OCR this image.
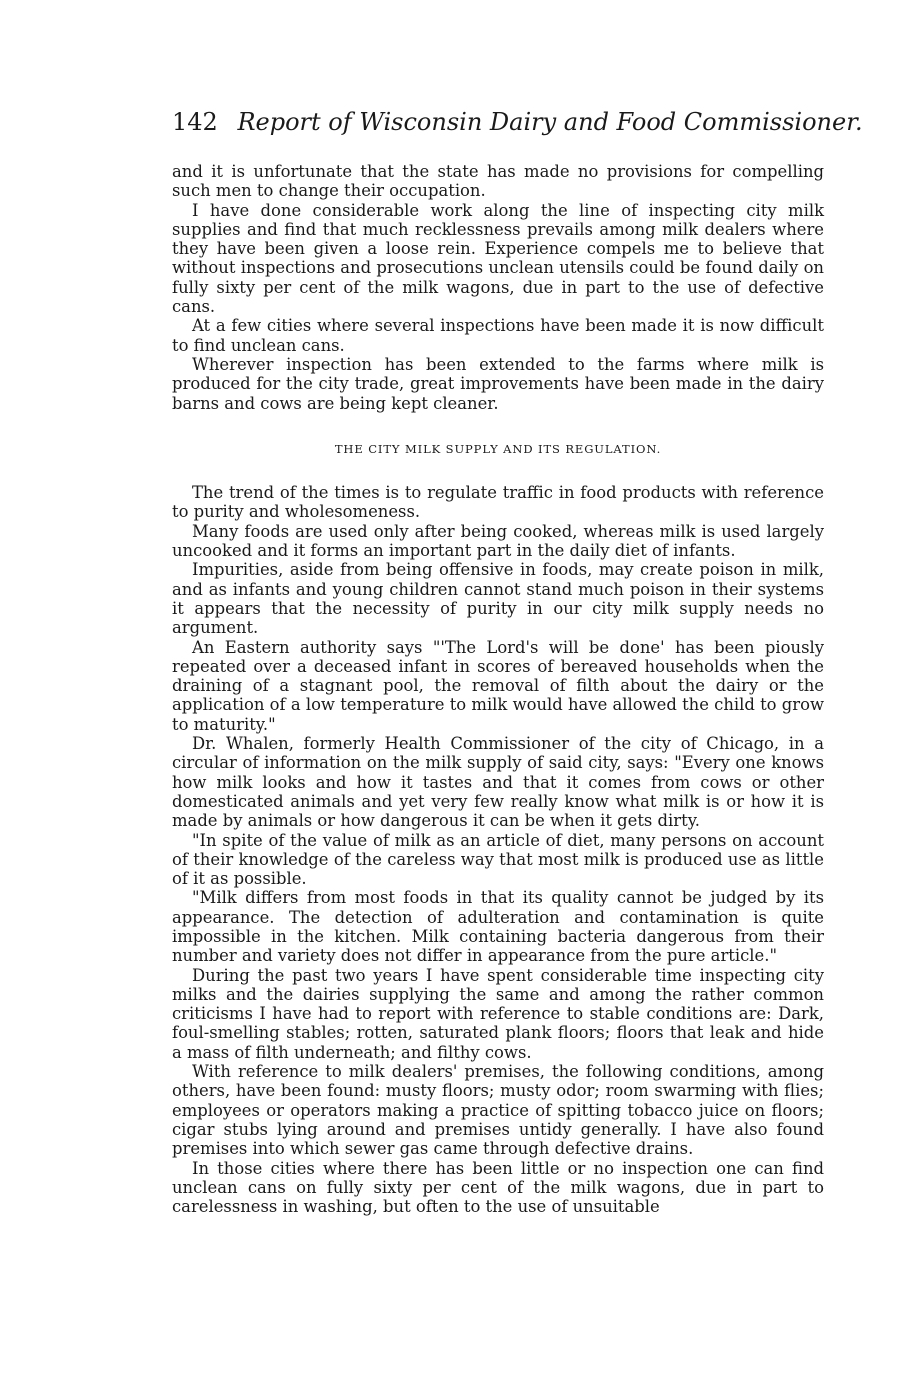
142 Report of Wisconsin Dairy and Food Commissioner.

and it is unfortunate that the state has made no provisions for compelling such men to change their occupation.

I have done considerable work along the line of inspecting city milk supplies and find that much recklessness prevails among milk dealers where they have been given a loose rein. Experience compels me to believe that without inspections and prosecutions unclean utensils could be found daily on fully sixty per cent of the milk wagons, due in part to the use of defective cans.

At a few cities where several inspections have been made it is now difficult to find unclean cans.

Wherever inspection has been extended to the farms where milk is produced for the city trade, great improvements have been made in the dairy barns and cows are being kept cleaner.

THE CITY MILK SUPPLY AND ITS REGULATION.

The trend of the times is to regulate traffic in food products with reference to purity and wholesomeness.

Many foods are used only after being cooked, whereas milk is used largely uncooked and it forms an important part in the daily diet of infants.

Impurities, aside from being offensive in foods, may create poison in milk, and as infants and young children cannot stand much poison in their systems it appears that the necessity of purity in our city milk supply needs no argument.

An Eastern authority says "'The Lord's will be done' has been piously repeated over a deceased infant in scores of bereaved households when the draining of a stagnant pool, the removal of filth about the dairy or the application of a low temperature to milk would have allowed the child to grow to maturity."

Dr. Whalen, formerly Health Commissioner of the city of Chicago, in a circular of information on the milk supply of said city, says: "Every one knows how milk looks and how it tastes and that it comes from cows or other domesticated animals and yet very few really know what milk is or how it is made by animals or how dangerous it can be when it gets dirty.

"In spite of the value of milk as an article of diet, many persons on account of their knowledge of the careless way that most milk is produced use as little of it as possible.

"Milk differs from most foods in that its quality cannot be judged by its appearance. The detection of adulteration and contamination is quite impossible in the kitchen. Milk containing bacteria dangerous from their number and variety does not differ in appearance from the pure article."

During the past two years I have spent considerable time inspecting city milks and the dairies supplying the same and among the rather common criticisms I have had to report with reference to stable conditions are: Dark, foul-smelling stables; rotten, saturated plank floors; floors that leak and hide a mass of filth underneath; and filthy cows.

With reference to milk dealers' premises, the following conditions, among others, have been found: musty floors; musty odor; room swarming with flies; employees or operators making a practice of spitting tobacco juice on floors; cigar stubs lying around and premises untidy generally. I have also found premises into which sewer gas came through defective drains.

In those cities where there has been little or no inspection one can find unclean cans on fully sixty per cent of the milk wagons, due in part to carelessness in washing, but often to the use of unsuitable
